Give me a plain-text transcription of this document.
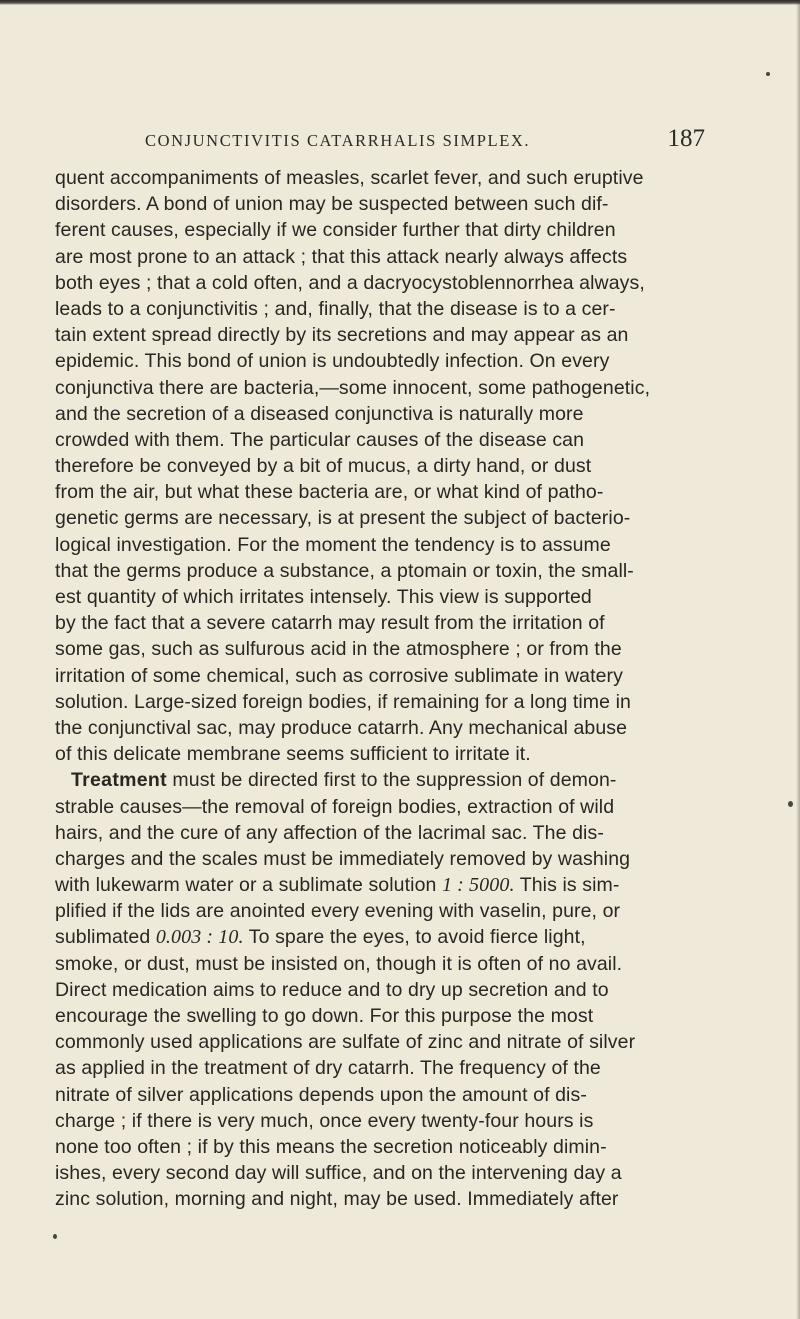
CONJUNCTIVITIS CATARRHALIS SIMPLEX.	187
quent accompaniments of measles, scarlet fever, and such eruptive
disorders. A bond of union may be suspected between such dif-
ferent causes, especially if we consider further that dirty children
are most prone to an attack ; that this attack nearly always affects
both eyes ; that a cold often, and a dacryocystoblennorrhea always,
leads to a conjunctivitis ; and, finally, that the disease is to a cer-
tain extent spread directly by its secretions and may appear as an
epidemic. This bond of union is undoubtedly infection. On every
conjunctiva there are bacteria,—some innocent, some pathogenetic,
and the secretion of a diseased conjunctiva is naturally more
crowded with them. The particular causes of the disease can
therefore be conveyed by a bit of mucus, a dirty hand, or dust
from the air, but what these bacteria are, or what kind of patho-
genetic germs are necessary, is at present the subject of bacterio-
logical investigation. For the moment the tendency is to assume
that the germs produce a substance, a ptomain or toxin, the small-
est quantity of which irritates intensely. This view is supported
by the fact that a severe catarrh may result from the irritation of
some gas, such as sulfurous acid in the atmosphere ; or from the
irritation of some chemical, such as corrosive sublimate in watery
solution. Large-sized foreign bodies, if remaining for a long time in
the conjunctival sac, may produce catarrh. Any mechanical abuse
of this delicate membrane seems sufficient to irritate it.
Treatment must be directed first to the suppression of demon-
strable causes—the removal of foreign bodies, extraction of wild
hairs, and the cure of any affection of the lacrimal sac. The dis-
charges and the scales must be immediately removed by washing
with lukewarm water or a sublimate solution 1 : 5000. This is sim-
plified if the lids are anointed every evening with vaselin, pure, or
sublimated 0.003 : 10. To spare the eyes, to avoid fierce light,
smoke, or dust, must be insisted on, though it is often of no avail.
Direct medication aims to reduce and to dry up secretion and to
encourage the swelling to go down. For this purpose the most
commonly used applications are sulfate of zinc and nitrate of silver
as applied in the treatment of dry catarrh. The frequency of the
nitrate of silver applications depends upon the amount of dis-
charge ; if there is very much, once every twenty-four hours is
none too often ; if by this means the secretion noticeably dimin-
ishes, every second day will suffice, and on the intervening day a
zinc solution, morning and night, may be used. Immediately after
